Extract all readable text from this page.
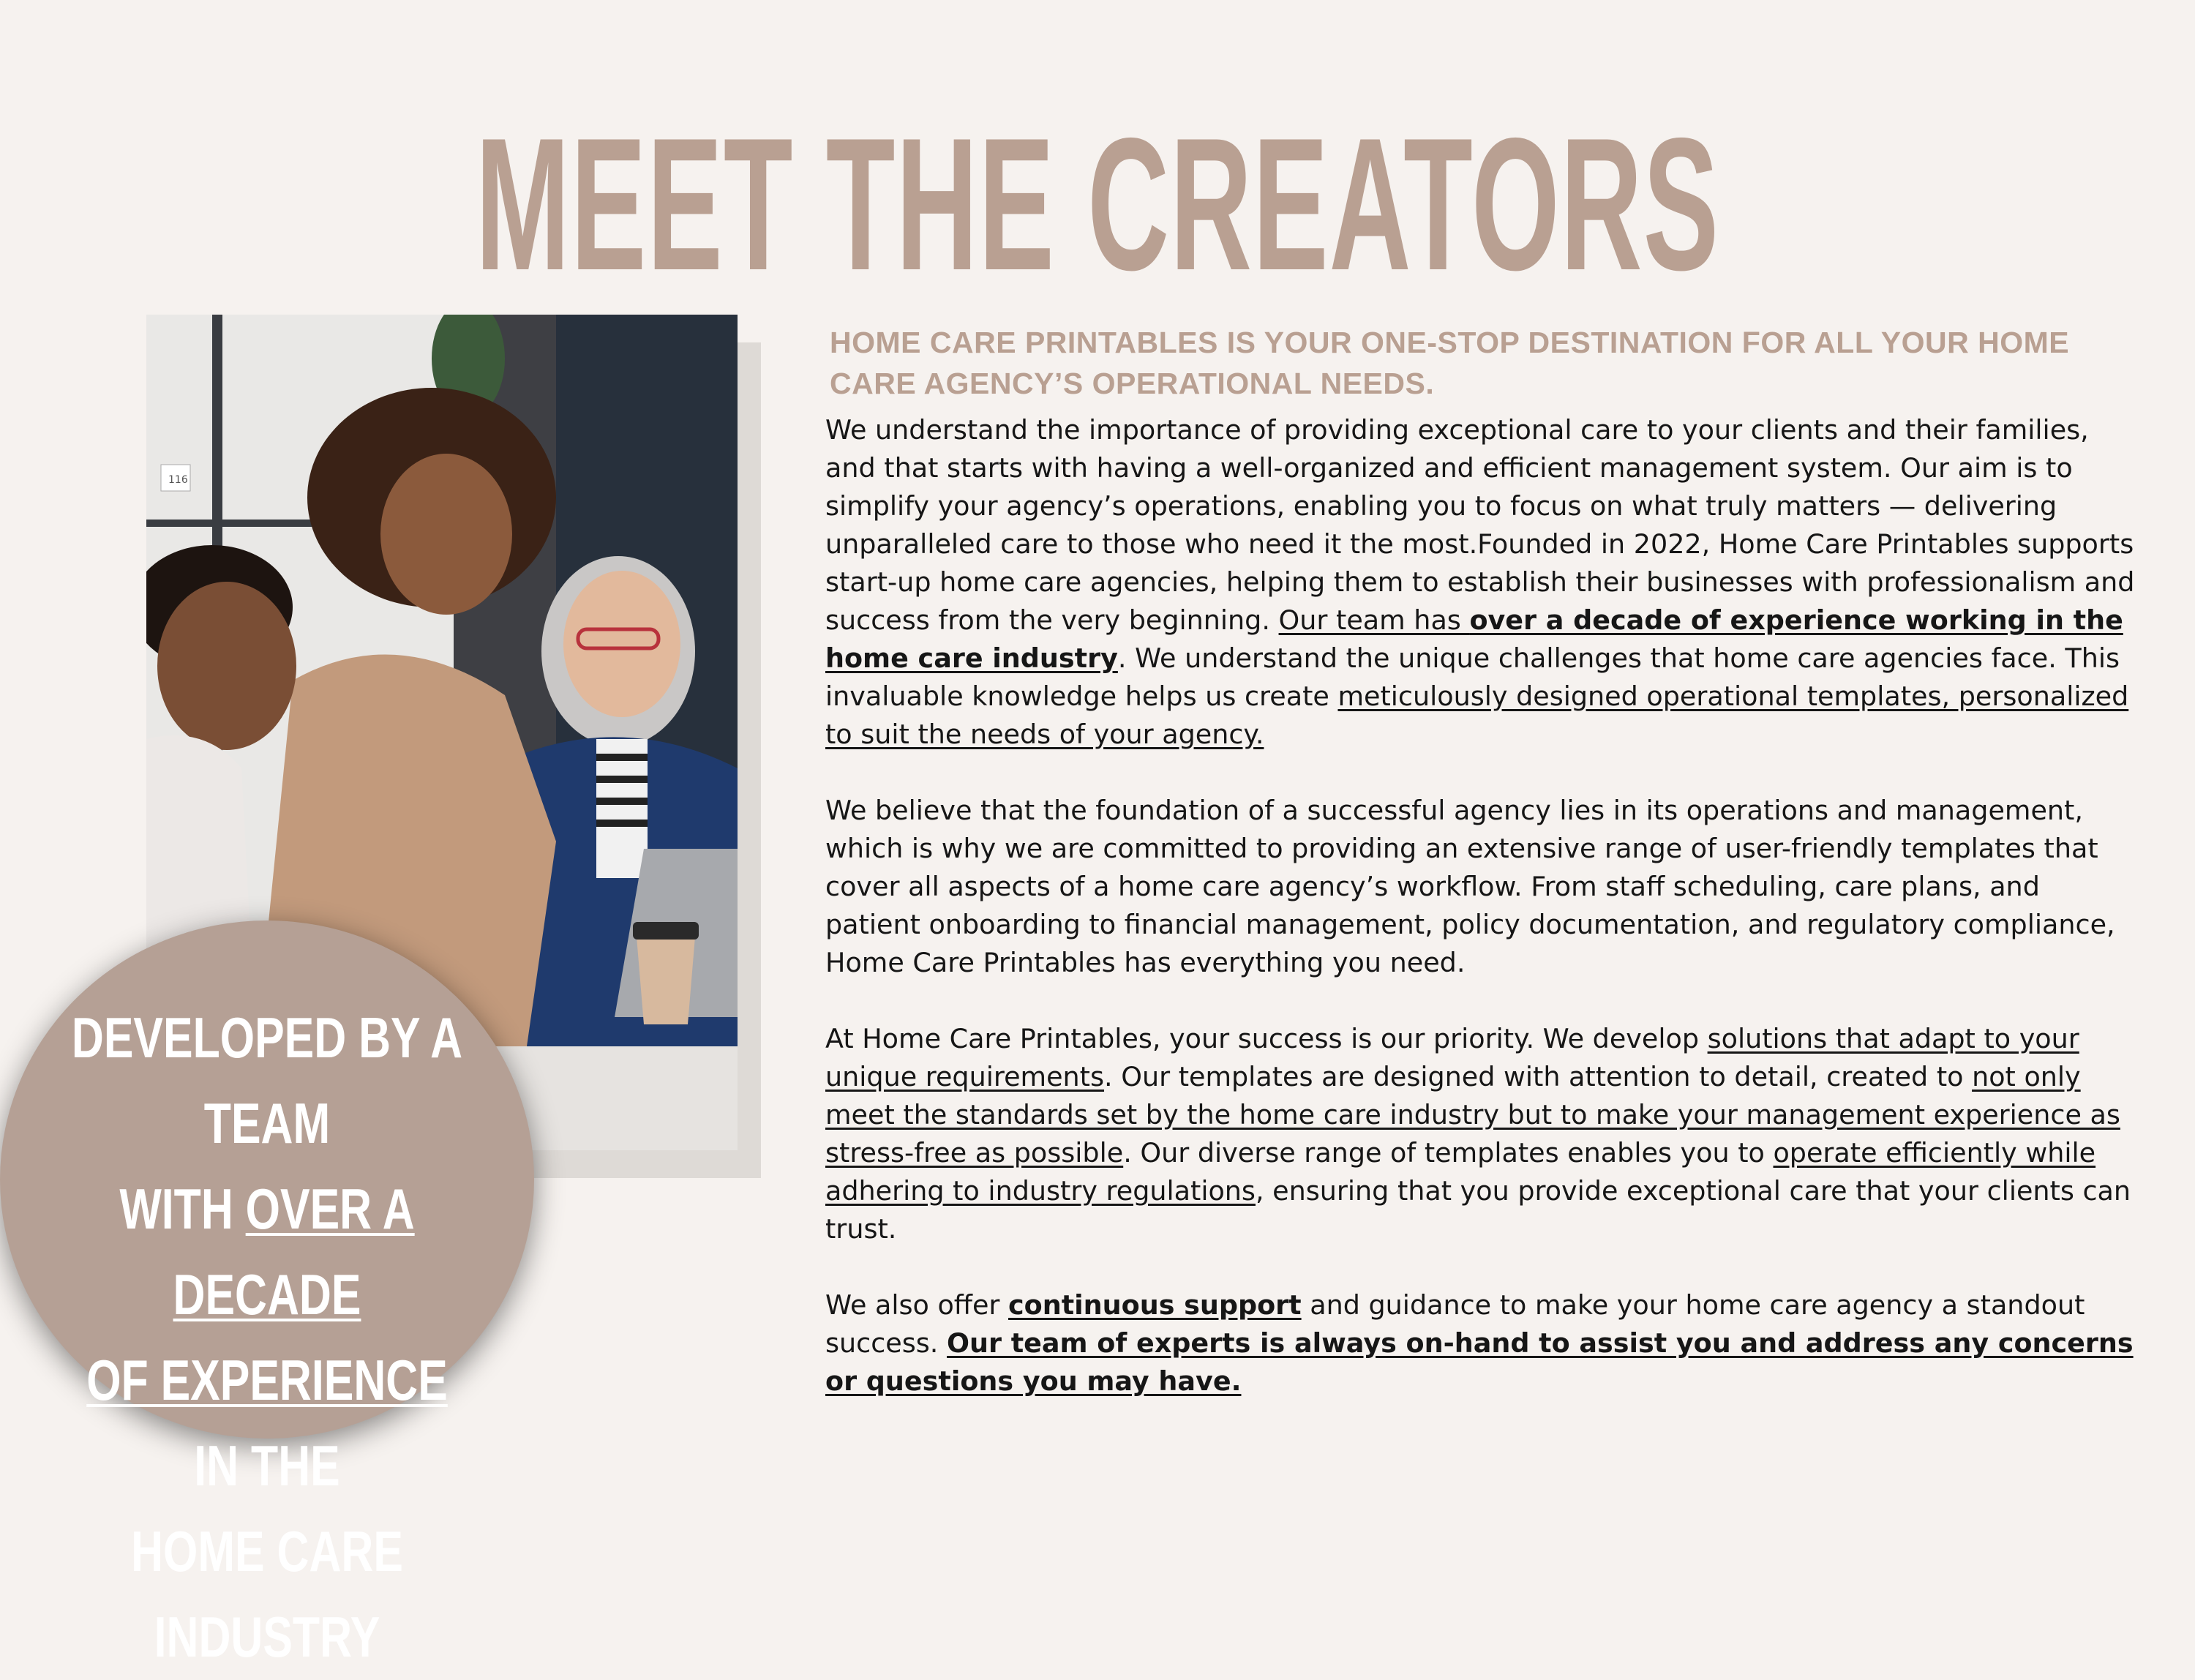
MEET THE CREATORS
116
DEVELOPED BY A TEAM
WITH OVER A DECADE
OF EXPERIENCE IN THE
HOME CARE INDUSTRY
HOME CARE PRINTABLES IS YOUR ONE-STOP DESTINATION FOR ALL YOUR HOME CARE AGENCY’S OPERATIONAL NEEDS.

We understand the importance of providing exceptional care to your clients and their families, and that starts with having a well-organized and efficient management system. Our aim is to simplify your agency’s operations, enabling you to focus on what truly matters — delivering unparalleled care to those who need it the most.Founded in 2022, Home Care Printables supports start-up home care agencies, helping them to establish their businesses with professionalism and success from the very beginning. Our team has over a decade of experience working in the home care industry. We understand the unique challenges that home care agencies face. This invaluable knowledge helps us create meticulously designed operational templates, personalized to suit the needs of your agency.

We believe that the foundation of a successful agency lies in its operations and management, which is why we are committed to providing an extensive range of user-friendly templates that cover all aspects of a home care agency’s workflow. From staff scheduling, care plans, and patient onboarding to financial management, policy documentation, and regulatory compliance, Home Care Printables has everything you need.

At Home Care Printables, your success is our priority. We develop solutions that adapt to your unique requirements. Our templates are designed with attention to detail, created to not only meet the standards set by the home care industry but to make your management experience as stress-free as possible. Our diverse range of templates enables you to operate efficiently while adhering to industry regulations, ensuring that you provide exceptional care that your clients can trust.

We also offer continuous support and guidance to make your home care agency a standout success. Our team of experts is always on-hand to assist you and address any concerns or questions you may have.
